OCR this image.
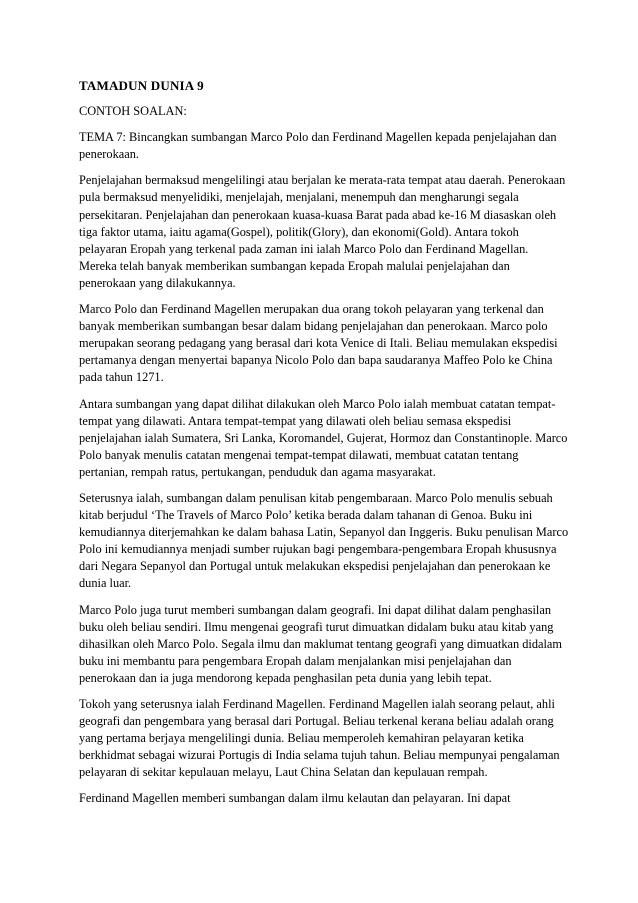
TAMADUN DUNIA 9
CONTOH SOALAN:
TEMA 7: Bincangkan sumbangan Marco Polo dan Ferdinand Magellen kepada penjelajahan dan penerokaan.
Penjelajahan bermaksud mengelilingi atau berjalan ke merata-rata tempat atau daerah. Penerokaan pula bermaksud menyelidiki, menjelajah, menjalani, menempuh dan mengharungi segala persekitaran. Penjelajahan dan penerokaan kuasa-kuasa Barat pada abad ke-16 M diasaskan oleh tiga faktor utama, iaitu agama(Gospel), politik(Glory), dan ekonomi(Gold). Antara tokoh pelayaran Eropah yang terkenal pada zaman ini ialah Marco Polo dan Ferdinand Magellan. Mereka telah banyak memberikan sumbangan kepada Eropah malulai penjelajahan dan penerokaan yang dilakukannya.
Marco Polo dan Ferdinand Magellen merupakan dua orang tokoh pelayaran yang terkenal dan banyak memberikan sumbangan besar dalam bidang penjelajahan dan penerokaan. Marco polo merupakan seorang pedagang yang berasal dari kota Venice di Itali. Beliau memulakan ekspedisi pertamanya dengan menyertai bapanya Nicolo Polo dan bapa saudaranya Maffeo Polo ke China pada tahun 1271.
Antara sumbangan yang dapat dilihat dilakukan oleh Marco Polo ialah membuat catatan tempat-tempat yang dilawati. Antara tempat-tempat yang dilawati oleh beliau semasa ekspedisi penjelajahan ialah Sumatera, Sri Lanka, Koromandel, Gujerat, Hormoz dan Constantinople. Marco Polo banyak menulis catatan mengenai tempat-tempat dilawati, membuat catatan tentang pertanian, rempah ratus, pertukangan, penduduk dan agama masyarakat.
Seterusnya ialah, sumbangan dalam penulisan kitab pengembaraan. Marco Polo menulis sebuah kitab berjudul ‘The Travels of Marco Polo’ ketika berada dalam tahanan di Genoa. Buku ini kemudiannya diterjemahkan ke dalam bahasa Latin, Sepanyol dan Inggeris. Buku penulisan Marco Polo ini kemudiannya menjadi sumber rujukan bagi pengembara-pengembara Eropah khususnya dari Negara Sepanyol dan Portugal untuk melakukan ekspedisi penjelajahan dan penerokaan ke dunia luar.
Marco Polo juga turut memberi sumbangan dalam geografi. Ini dapat dilihat dalam penghasilan buku oleh beliau sendiri. Ilmu mengenai geografi turut dimuatkan didalam buku atau kitab yang dihasilkan oleh Marco Polo. Segala ilmu dan maklumat tentang geografi yang dimuatkan didalam buku ini membantu para pengembara Eropah dalam menjalankan misi penjelajahan dan penerokaan dan ia juga mendorong kepada penghasilan peta dunia yang lebih tepat.
Tokoh yang seterusnya ialah Ferdinand Magellen. Ferdinand Magellen ialah seorang pelaut, ahli geografi dan pengembara yang berasal dari Portugal. Beliau terkenal kerana beliau adalah orang yang pertama berjaya mengelilingi dunia. Beliau memperoleh kemahiran pelayaran ketika berkhidmat sebagai wizurai Portugis di India selama tujuh tahun. Beliau mempunyai pengalaman pelayaran di sekitar kepulauan melayu, Laut China Selatan dan kepulauan rempah.
Ferdinand Magellen memberi sumbangan dalam ilmu kelautan dan pelayaran. Ini dapat
